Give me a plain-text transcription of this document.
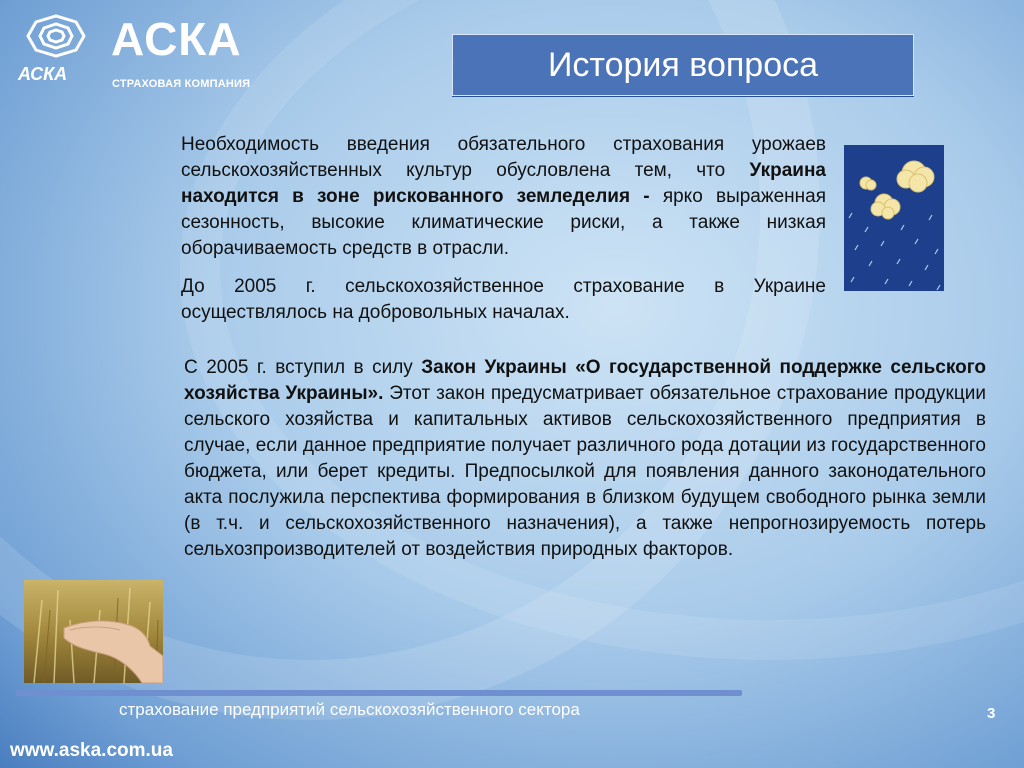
АСКА
АСКА
СТРАХОВАЯ КОМПАНИЯ
История вопроса
Необходимость введения обязательного страхования урожаев сельскохозяйственных культур обусловлена тем, что Украина находится в зоне рискованного земледелия - ярко выраженная сезонность, высокие климатические риски, а также низкая оборачиваемость средств в отрасли.
До 2005 г. сельскохозяйственное страхование в Украине осуществлялось на добровольных началах.
С 2005 г. вступил в силу Закон Украины «О государственной поддержке сельского хозяйства Украины». Этот закон предусматривает обязательное страхование продукции сельского хозяйства и капитальных активов сельскохозяйственного предприятия в случае, если данное предприятие получает различного рода дотации из государственного бюджета, или берет кредиты. Предпосылкой для появления данного законодательного акта послужила перспектива формирования в близком будущем свободного рынка земли (в т.ч. и сельскохозяйственного назначения), а также непрогнозируемость потерь сельхозпроизводителей от воздействия природных факторов.
страхование предприятий сельскохозяйственного сектора	3
www.aska.com.ua
